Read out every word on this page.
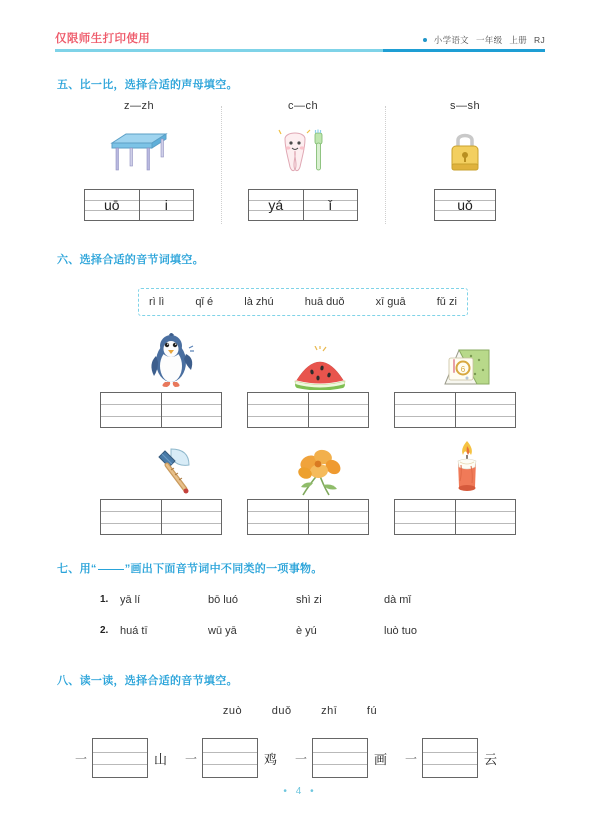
仅限师生打印使用	小学语文 一年级 上册 RJ
五、比一比，选择合适的声母填空。
z—zh
uō	i
c—ch
yá	ǐ
s—sh
uǒ
六、选择合适的音节词填空。
rì lì	qǐ é	là zhú	huā duǒ	xī guā	fǔ zi
6
七、用“	”画出下面音节词中不同类的一项事物。
1. yā lí	bō luó	shì zi	dà mǐ
2. huá tī	wū yā	è yú	luò tuo
八、读一读，选择合适的音节填空。
zuò	duǒ	zhī	fú
一	山 一	鸡 一	画 一	云
• 4 •
